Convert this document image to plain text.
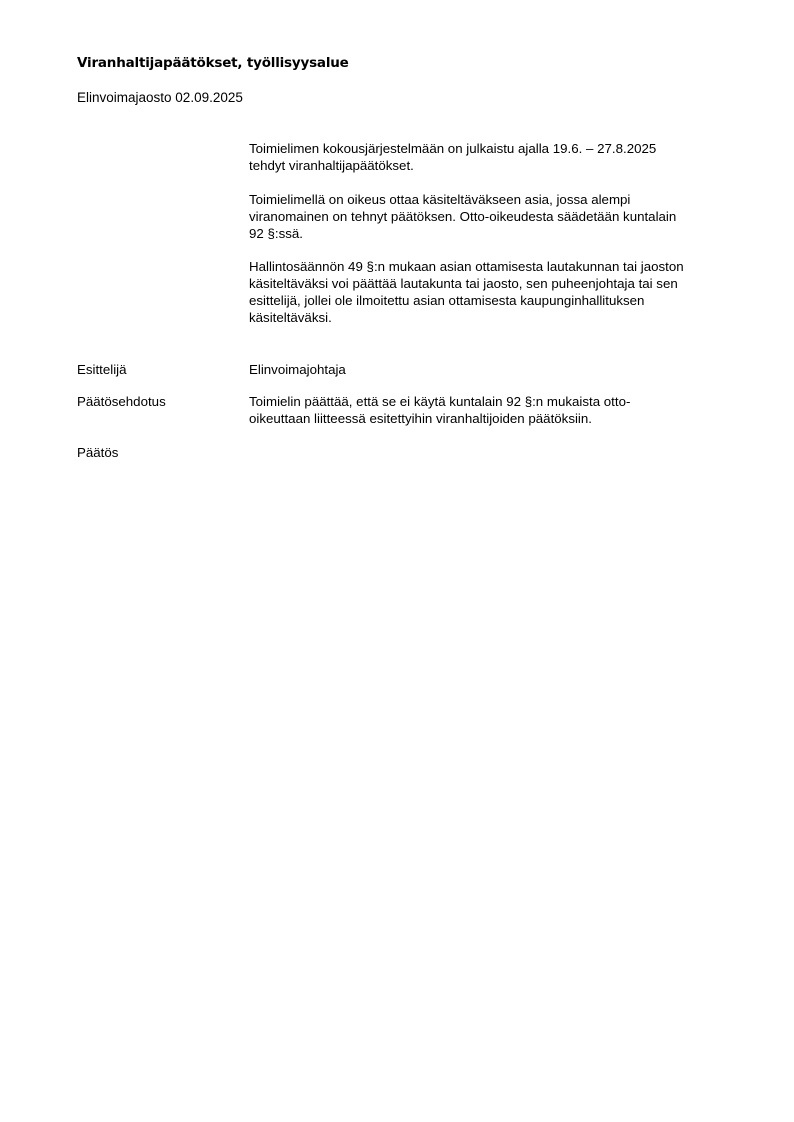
Viranhaltijapäätökset, työllisyysalue
Elinvoimajaosto 02.09.2025

Toimielimen kokousjärjestelmään on julkaistu ajalla 19.6. – 27.8.2025
tehdyt viranhaltijapäätökset.

Toimielimellä on oikeus ottaa käsiteltäväkseen asia, jossa alempi
viranomainen on tehnyt päätöksen. Otto-oikeudesta säädetään kuntalain
92 §:ssä.

Hallintosäännön 49 §:n mukaan asian ottamisesta lautakunnan tai jaoston
käsiteltäväksi voi päättää lautakunta tai jaosto, sen puheenjohtaja tai sen
esittelijä, jollei ole ilmoitettu asian ottamisesta kaupunginhallituksen
käsiteltäväksi.

Esittelijä	Elinvoimajohtaja
Päätösehdotus	Toimielin päättää, että se ei käytä kuntalain 92 §:n mukaista otto-
oikeuttaan liitteessä esitettyihin viranhaltijoiden päätöksiin.
Päätös
